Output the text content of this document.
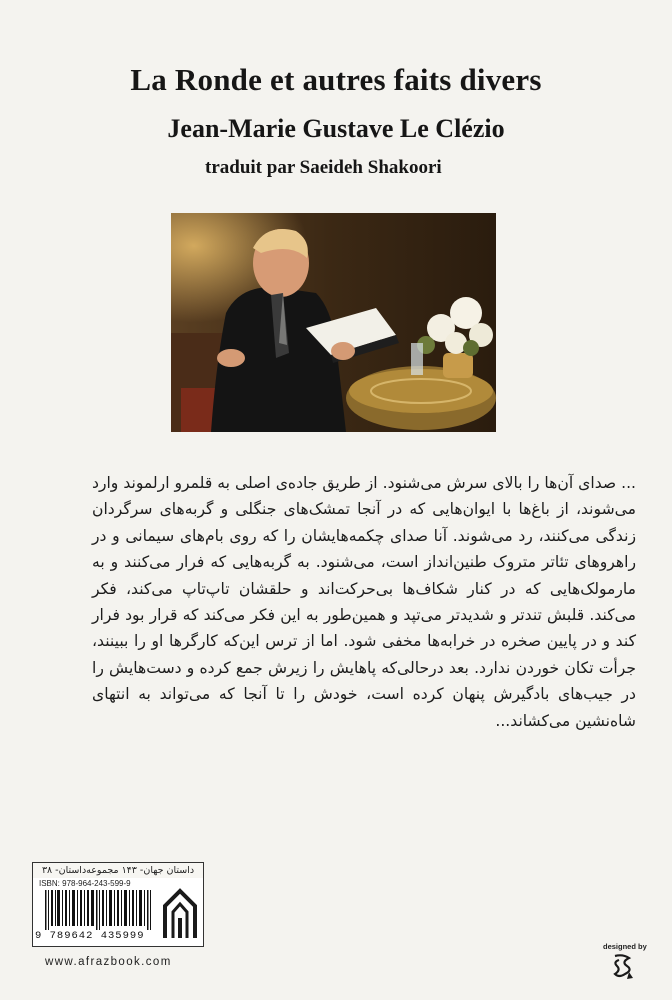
La Ronde et autres faits divers
Jean-Marie Gustave Le Clézio
traduit par Saeideh Shakoori

... صدای آن‌ها را بالای سرش می‌شنود. از طریق جاده‌ی اصلی به قلمرو ارلموند وارد می‌شوند، از باغ‌ها با ایوان‌هایی که در آنجا تمشک‌های جنگلی و گربه‌های سرگردان زندگی می‌کنند، رد می‌شوند. آنا صدای چکمه‌هایشان را که روی بام‌های سیمانی و در راهروهای تئاتر متروک طنین‌انداز است، می‌شنود. به گربه‌هایی که فرار می‌کنند و به مارمولک‌هایی که در کنار شکاف‌ها بی‌حرکت‌اند و حلقشان تاپ‌تاپ می‌کند، فکر می‌کند. قلبش تندتر و شدیدتر می‌تپد و همین‌طور به این فکر می‌کند که قرار بود فرار کند و در پایین صخره در خرابه‌ها مخفی شود. اما از ترس این‌که کارگرها او را ببینند، جرأت تکان خوردن ندارد. بعد درحالی‌که پاهایش را زیرش جمع کرده و دست‌هایش را در جیب‌های بادگیرش پنهان کرده است، خودش را تا آنجا که می‌تواند به انتهای شاه‌نشین می‌کشاند...

داستان جهان- ۱۴۳ مجموعه‌داستان- ۳۸
ISBN: 978-964-243-599-9
9 789642 435999
www.afrazbook.com
designed by
